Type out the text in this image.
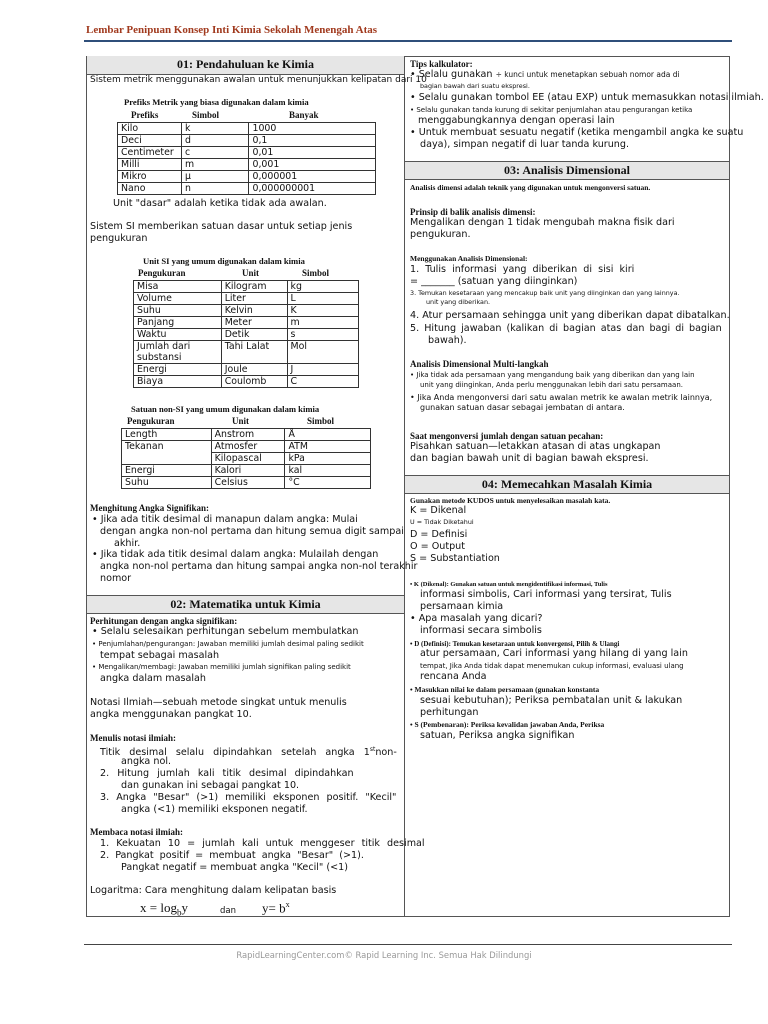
Lembar Penipuan Konsep Inti Kimia Sekolah Menengah Atas
01: Pendahuluan ke Kimia
Sistem metrik menggunakan awalan untuk menunjukkan kelipatan dari 10
Prefiks Metrik yang biasa digunakan dalam kimia
Prefiks	Simbol	Banyak
Kilo	k	1000
Deci	d	0,1
Centimeter	c	0,01
Milli	m	0,001
Mikro	μ	0,000001
Nano	n	0,000000001
Unit "dasar" adalah ketika tidak ada awalan.
Sistem SI memberikan satuan dasar untuk setiap jenis
pengukuran
Unit SI yang umum digunakan dalam kimia
Pengukuran	Unit	Simbol
Misa	Kilogram	kg
Volume	Liter	L
Suhu	Kelvin	K
Panjang	Meter	m
Waktu	Detik	s
Jumlah dari
substansi	Tahi Lalat	Mol
Energi	Joule	J
Biaya	Coulomb	C
Satuan non-SI yang umum digunakan dalam kimia
Pengukuran	Unit	Simbol
Length	Anstrom	Å
Tekanan	Atmosfer	ATM
	Kilopascal	kPa
Energi	Kalori	kal
Suhu	Celsius	°C
Menghitung Angka Signifikan:
• Jika ada titik desimal di manapun dalam angka: Mulai
dengan angka non-nol pertama dan hitung semua digit sampai
akhir.
• Jika tidak ada titik desimal dalam angka: Mulailah dengan
angka non-nol pertama dan hitung sampai angka non-nol terakhir
nomor
02: Matematika untuk Kimia
Perhitungan dengan angka signifikan:
• Selalu selesaikan perhitungan sebelum membulatkan
• Penjumlahan/pengurangan: Jawaban memiliki jumlah desimal paling sedikit
tempat sebagai masalah
• Mengalikan/membagi: Jawaban memiliki jumlah signifikan paling sedikit
angka dalam masalah
Notasi Ilmiah—sebuah metode singkat untuk menulis
angka menggunakan pangkat 10.
Menulis notasi ilmiah:
Titik desimal selalu dipindahkan setelah angka 1stnon-
angka nol.
2. Hitung jumlah kali titik desimal dipindahkan
dan gunakan ini sebagai pangkat 10.
3. Angka "Besar" (>1) memiliki eksponen positif. "Kecil"
angka (<1) memiliki eksponen negatif.
Membaca notasi ilmiah:
1. Kekuatan 10 = jumlah kali untuk menggeser titik desimal
2. Pangkat positif = membuat angka "Besar" (>1).
Pangkat negatif = membuat angka "Kecil" (<1)
Logaritma: Cara menghitung dalam kelipatan basis
$x = \log_by$	dan $y= b^x$
Tips kalkulator:
• Selalu gunakan ÷ kunci untuk menetapkan sebuah nomor ada di
bagian bawah dari suatu ekspresi.
• Selalu gunakan tombol EE (atau EXP) untuk memasukkan notasi ilmiah.
• Selalu gunakan tanda kurung di sekitar penjumlahan atau pengurangan ketika
menggabungkannya dengan operasi lain
• Untuk membuat sesuatu negatif (ketika mengambil angka ke suatu
daya), simpan negatif di luar tanda kurung.
03: Analisis Dimensional
Analisis dimensi adalah teknik yang digunakan untuk mengonversi satuan.
Prinsip di balik analisis dimensi:
Mengalikan dengan 1 tidak mengubah makna fisik dari
pengukuran.
Menggunakan Analisis Dimensional:
1. Tulis informasi yang diberikan di sisi kiri
= _______ (satuan yang diinginkan)
3. Temukan kesetaraan yang mencakup baik unit yang diinginkan dan yang lainnya.
unit yang diberikan.
4. Atur persamaan sehingga unit yang diberikan dapat dibatalkan.
5. Hitung jawaban (kalikan di bagian atas dan bagi di bagian
bawah).
Analisis Dimensional Multi-langkah
• Jika tidak ada persamaan yang mengandung baik yang diberikan dan yang lain
unit yang diinginkan, Anda perlu menggunakan lebih dari satu persamaan.
• Jika Anda mengonversi dari satu awalan metrik ke awalan metrik lainnya,
gunakan satuan dasar sebagai jembatan di antara.
Saat mengonversi jumlah dengan satuan pecahan:
Pisahkan satuan—letakkan atasan di atas ungkapan
dan bagian bawah unit di bagian bawah ekspresi.
04: Memecahkan Masalah Kimia
Gunakan metode KUDOS untuk menyelesaikan masalah kata.
K = Dikenal
U = Tidak Diketahui
D = Definisi
O = Output
S = Substantiation
• K (Dikenal): Gunakan satuan untuk mengidentifikasi informasi, Tulis
informasi simbolis, Cari informasi yang tersirat, Tulis
persamaan kimia
• Apa masalah yang dicari?
informasi secara simbolis
• D (Definisi): Temukan kesetaraan untuk konvergensi, Pilih & Ulangi
atur persamaan, Cari informasi yang hilang di yang lain
tempat, Jika Anda tidak dapat menemukan cukup informasi, evaluasi ulang
rencana Anda
• Masukkan nilai ke dalam persamaan (gunakan konstanta
sesuai kebutuhan); Periksa pembatalan unit & lakukan
perhitungan
• S (Pembenaran): Periksa kevalidan jawaban Anda, Periksa
satuan, Periksa angka signifikan
RapidLearningCenter.com© Rapid Learning Inc. Semua Hak Dilindungi
